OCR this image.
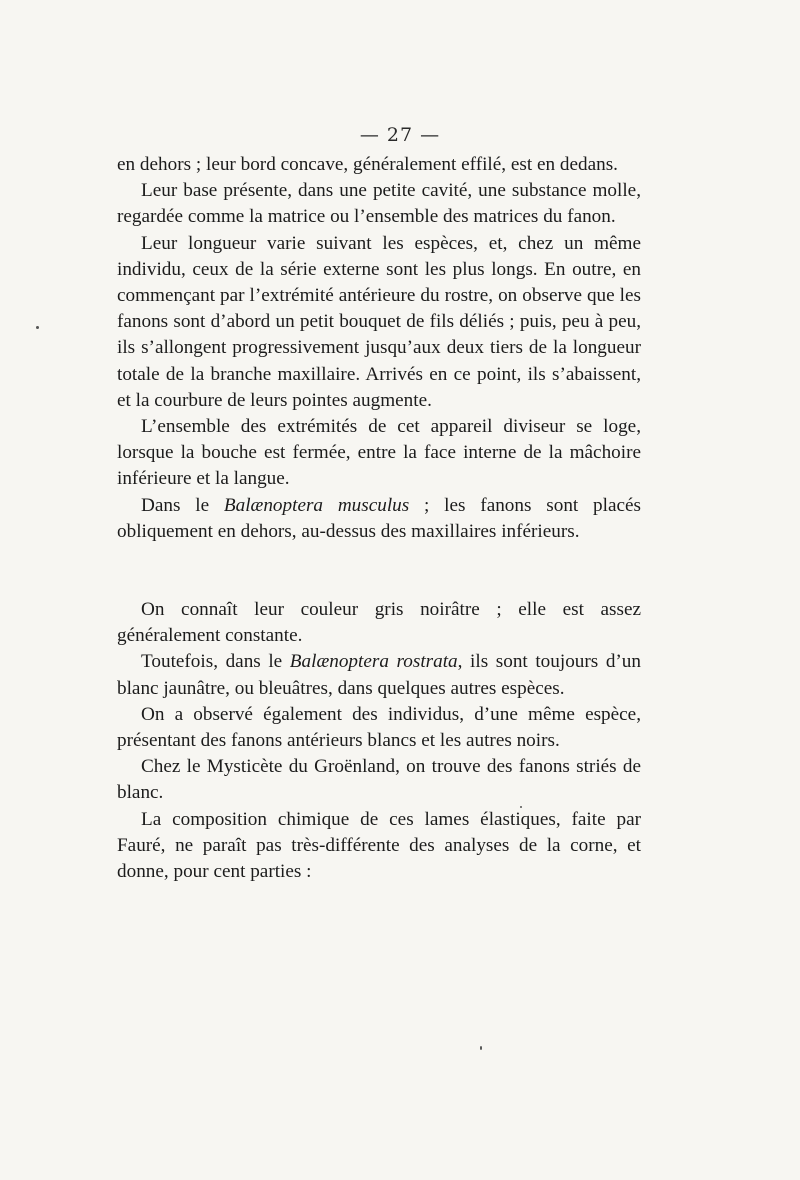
— 27 —

en dehors ; leur bord concave, généralement effilé, est en dedans.

Leur base présente, dans une petite cavité, une substance molle, regardée comme la matrice ou l’ensemble des matrices du fanon.

Leur longueur varie suivant les espèces, et, chez un même individu, ceux de la série externe sont les plus longs. En outre, en commençant par l’extrémité antérieure du rostre, on observe que les fanons sont d’abord un petit bouquet de fils déliés ; puis, peu à peu, ils s’allongent progressivement jusqu’aux deux tiers de la longueur totale de la branche maxillaire. Arrivés en ce point, ils s’abaissent, et la courbure de leurs pointes augmente.

L’ensemble des extrémités de cet appareil diviseur se loge, lorsque la bouche est fermée, entre la face interne de la mâchoire inférieure et la langue.

Dans le Balænoptera musculus ; les fanons sont placés obliquement en dehors, au-dessus des maxillaires inférieurs.

On connaît leur couleur gris noirâtre ; elle est assez généralement constante.

Toutefois, dans le Balænoptera rostrata, ils sont toujours d’un blanc jaunâtre, ou bleuâtres, dans quelques autres espèces.

On a observé également des individus, d’une même espèce, présentant des fanons antérieurs blancs et les autres noirs.

Chez le Mysticète du Groënland, on trouve des fanons striés de blanc.

La composition chimique de ces lames élastiques, faite par Fauré, ne paraît pas très-différente des analyses de la corne, et donne, pour cent parties :
